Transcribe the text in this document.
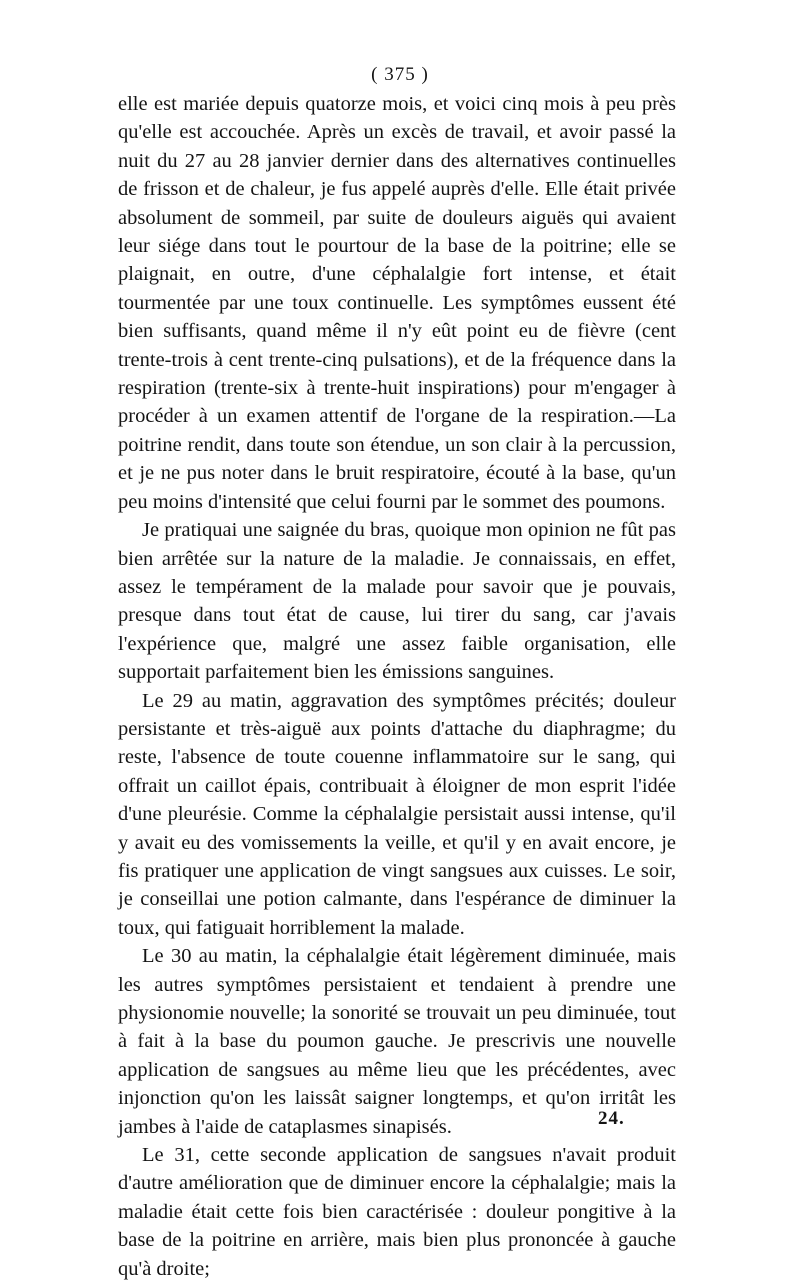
( 375 )

elle est mariée depuis quatorze mois, et voici cinq mois à peu près qu'elle est accouchée. Après un excès de travail, et avoir passé la nuit du 27 au 28 janvier dernier dans des alternatives continuelles de frisson et de chaleur, je fus appelé auprès d'elle. Elle était privée absolument de sommeil, par suite de douleurs aiguës qui avaient leur siége dans tout le pourtour de la base de la poitrine; elle se plaignait, en outre, d'une céphalalgie fort intense, et était tourmentée par une toux continuelle. Les symptômes eussent été bien suffisants, quand même il n'y eût point eu de fièvre (cent trente-trois à cent trente-cinq pulsations), et de la fréquence dans la respiration (trente-six à trente-huit inspirations) pour m'engager à procéder à un examen attentif de l'organe de la respiration.—La poitrine rendit, dans toute son étendue, un son clair à la percussion, et je ne pus noter dans le bruit respiratoire, écouté à la base, qu'un peu moins d'intensité que celui fourni par le sommet des poumons.

Je pratiquai une saignée du bras, quoique mon opinion ne fût pas bien arrêtée sur la nature de la maladie. Je connaissais, en effet, assez le tempérament de la malade pour savoir que je pouvais, presque dans tout état de cause, lui tirer du sang, car j'avais l'expérience que, malgré une assez faible organisation, elle supportait parfaitement bien les émissions sanguines.

Le 29 au matin, aggravation des symptômes précités; douleur persistante et très-aiguë aux points d'attache du diaphragme; du reste, l'absence de toute couenne inflammatoire sur le sang, qui offrait un caillot épais, contribuait à éloigner de mon esprit l'idée d'une pleurésie. Comme la céphalalgie persistait aussi intense, qu'il y avait eu des vomissements la veille, et qu'il y en avait encore, je fis pratiquer une application de vingt sangsues aux cuisses. Le soir, je conseillai une potion calmante, dans l'espérance de diminuer la toux, qui fatiguait horriblement la malade.

Le 30 au matin, la céphalalgie était légèrement diminuée, mais les autres symptômes persistaient et tendaient à prendre une physionomie nouvelle; la sonorité se trouvait un peu diminuée, tout à fait à la base du poumon gauche. Je prescrivis une nouvelle application de sangsues au même lieu que les précédentes, avec injonction qu'on les laissât saigner longtemps, et qu'on irritât les jambes à l'aide de cataplasmes sinapisés.

Le 31, cette seconde application de sangsues n'avait produit d'autre amélioration que de diminuer encore la céphalalgie; mais la maladie était cette fois bien caractérisée : douleur pongitive à la base de la poitrine en arrière, mais bien plus prononcée à gauche qu'à droite;

24.
